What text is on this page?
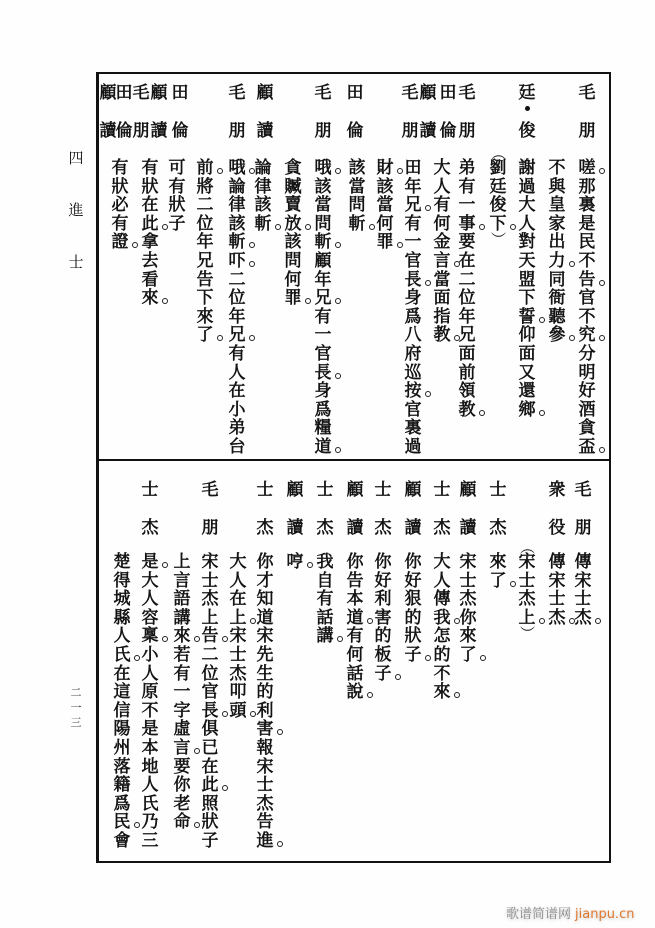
四
進
士
二
一
三
毛
朋
廷
俊
毛
朋
田
倫
顧
讀
毛
朋
田
倫
毛
朋
顧
讀
毛
朋
田
倫
顧
讀
毛
朋
田
倫
顧
讀
嗟
那
裏
是
民
不
告
官
不
究
分
明
好
酒
貪
盃
不
與
皇
家
出
力
同
衙
聽
參
謝
過
大
人
對
天
盟
下
誓
仰
面
又
還
鄉
（
劉
廷
俊
下
）
弟
有
一
事
要
在
二
位
年
兄
面
前
領
教
大
人
有
何
金
言
當
面
指
教
田
年
兄
有
一
官
長
身
爲
八
府
巡
按
官
裏
過
財
該
當
何
罪
該
當
問
斬
哦
該
當
問
斬
顧
年
兄
有
一
官
長
身
爲
糧
道
貪
贓
賣
放
該
問
何
罪
論
律
該
斬
哦
論
律
該
斬
吓
二
位
年
兄
有
人
在
小
弟
台
前
將
二
位
年
兄
告
下
來
了
可
有
狀
子
有
狀
在
此
拿
去
看
來
有
狀
必
有
證
毛
朋
衆
役
士
杰
顧
讀
士
杰
顧
讀
士
杰
顧
讀
士
杰
顧
讀
士
杰
毛
朋
士
杰
傳
宋
士
杰
傳
宋
士
杰
（
宋
士
杰
上
）
來
了
宋
士
杰
你
來
了
大
人
傳
我
怎
的
不
來
你
好
狠
的
狀
子
你
好
利
害
的
板
子
你
告
本
道
有
何
話
說
我
自
有
話
講
哼
你
才
知
道
宋
先
生
的
利
害
報
宋
士
杰
告
進
大
人
在
上
宋
士
杰
叩
頭
宋
士
杰
上
告
二
位
官
長
俱
已
在
此
照
狀
子
上
言
語
講
來
若
有
一
字
虛
言
要
你
老
命
是
大
人
容
稟
小
人
原
不
是
本
地
人
氏
乃
三
楚
得
城
縣
人
氏
在
這
信
陽
州
落
籍
爲
民
會
歌谱简谱网 jianpu.cn
